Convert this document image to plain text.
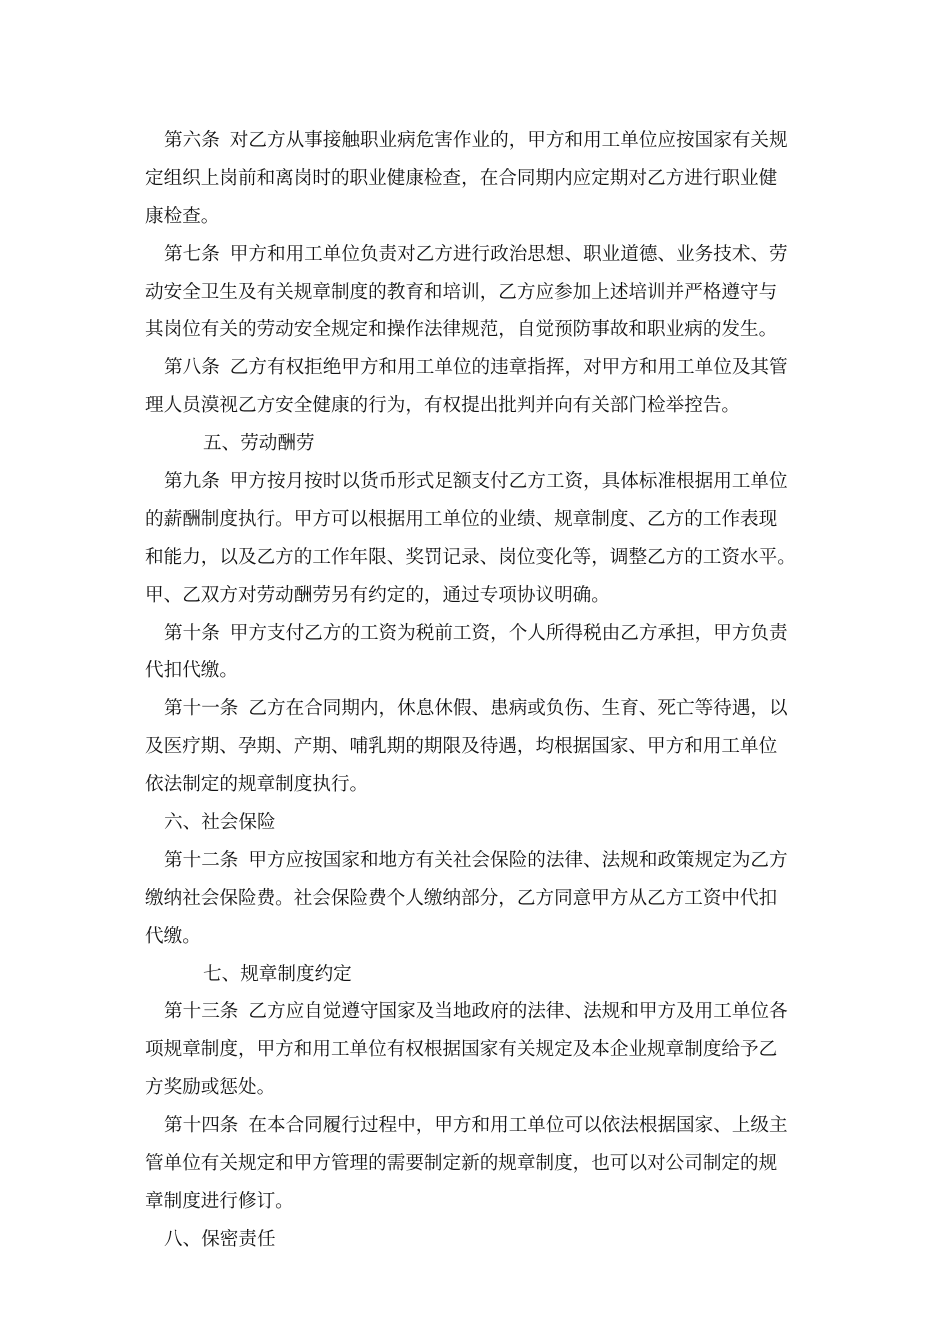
第六条 对乙方从事接触职业病危害作业的，甲方和用工单位应按国家有关规
定组织上岗前和离岗时的职业健康检查，在合同期内应定期对乙方进行职业健
康检查。
第七条 甲方和用工单位负责对乙方进行政治思想、职业道德、业务技术、劳
动安全卫生及有关规章制度的教育和培训，乙方应参加上述培训并严格遵守与
其岗位有关的劳动安全规定和操作法律规范，自觉预防事故和职业病的发生。
第八条 乙方有权拒绝甲方和用工单位的违章指挥，对甲方和用工单位及其管
理人员漠视乙方安全健康的行为，有权提出批判并向有关部门检举控告。
五、劳动酬劳
第九条 甲方按月按时以货币形式足额支付乙方工资，具体标准根据用工单位
的薪酬制度执行。甲方可以根据用工单位的业绩、规章制度、乙方的工作表现
和能力，以及乙方的工作年限、奖罚记录、岗位变化等，调整乙方的工资水平。
甲、乙双方对劳动酬劳另有约定的，通过专项协议明确。
第十条 甲方支付乙方的工资为税前工资，个人所得税由乙方承担，甲方负责
代扣代缴。
第十一条 乙方在合同期内，休息休假、患病或负伤、生育、死亡等待遇，以
及医疗期、孕期、产期、哺乳期的期限及待遇，均根据国家、甲方和用工单位
依法制定的规章制度执行。
六、社会保险
第十二条 甲方应按国家和地方有关社会保险的法律、法规和政策规定为乙方
缴纳社会保险费。社会保险费个人缴纳部分，乙方同意甲方从乙方工资中代扣
代缴。
七、规章制度约定
第十三条 乙方应自觉遵守国家及当地政府的法律、法规和甲方及用工单位各
项规章制度，甲方和用工单位有权根据国家有关规定及本企业规章制度给予乙
方奖励或惩处。
第十四条 在本合同履行过程中，甲方和用工单位可以依法根据国家、上级主
管单位有关规定和甲方管理的需要制定新的规章制度，也可以对公司制定的规
章制度进行修订。
八、保密责任
